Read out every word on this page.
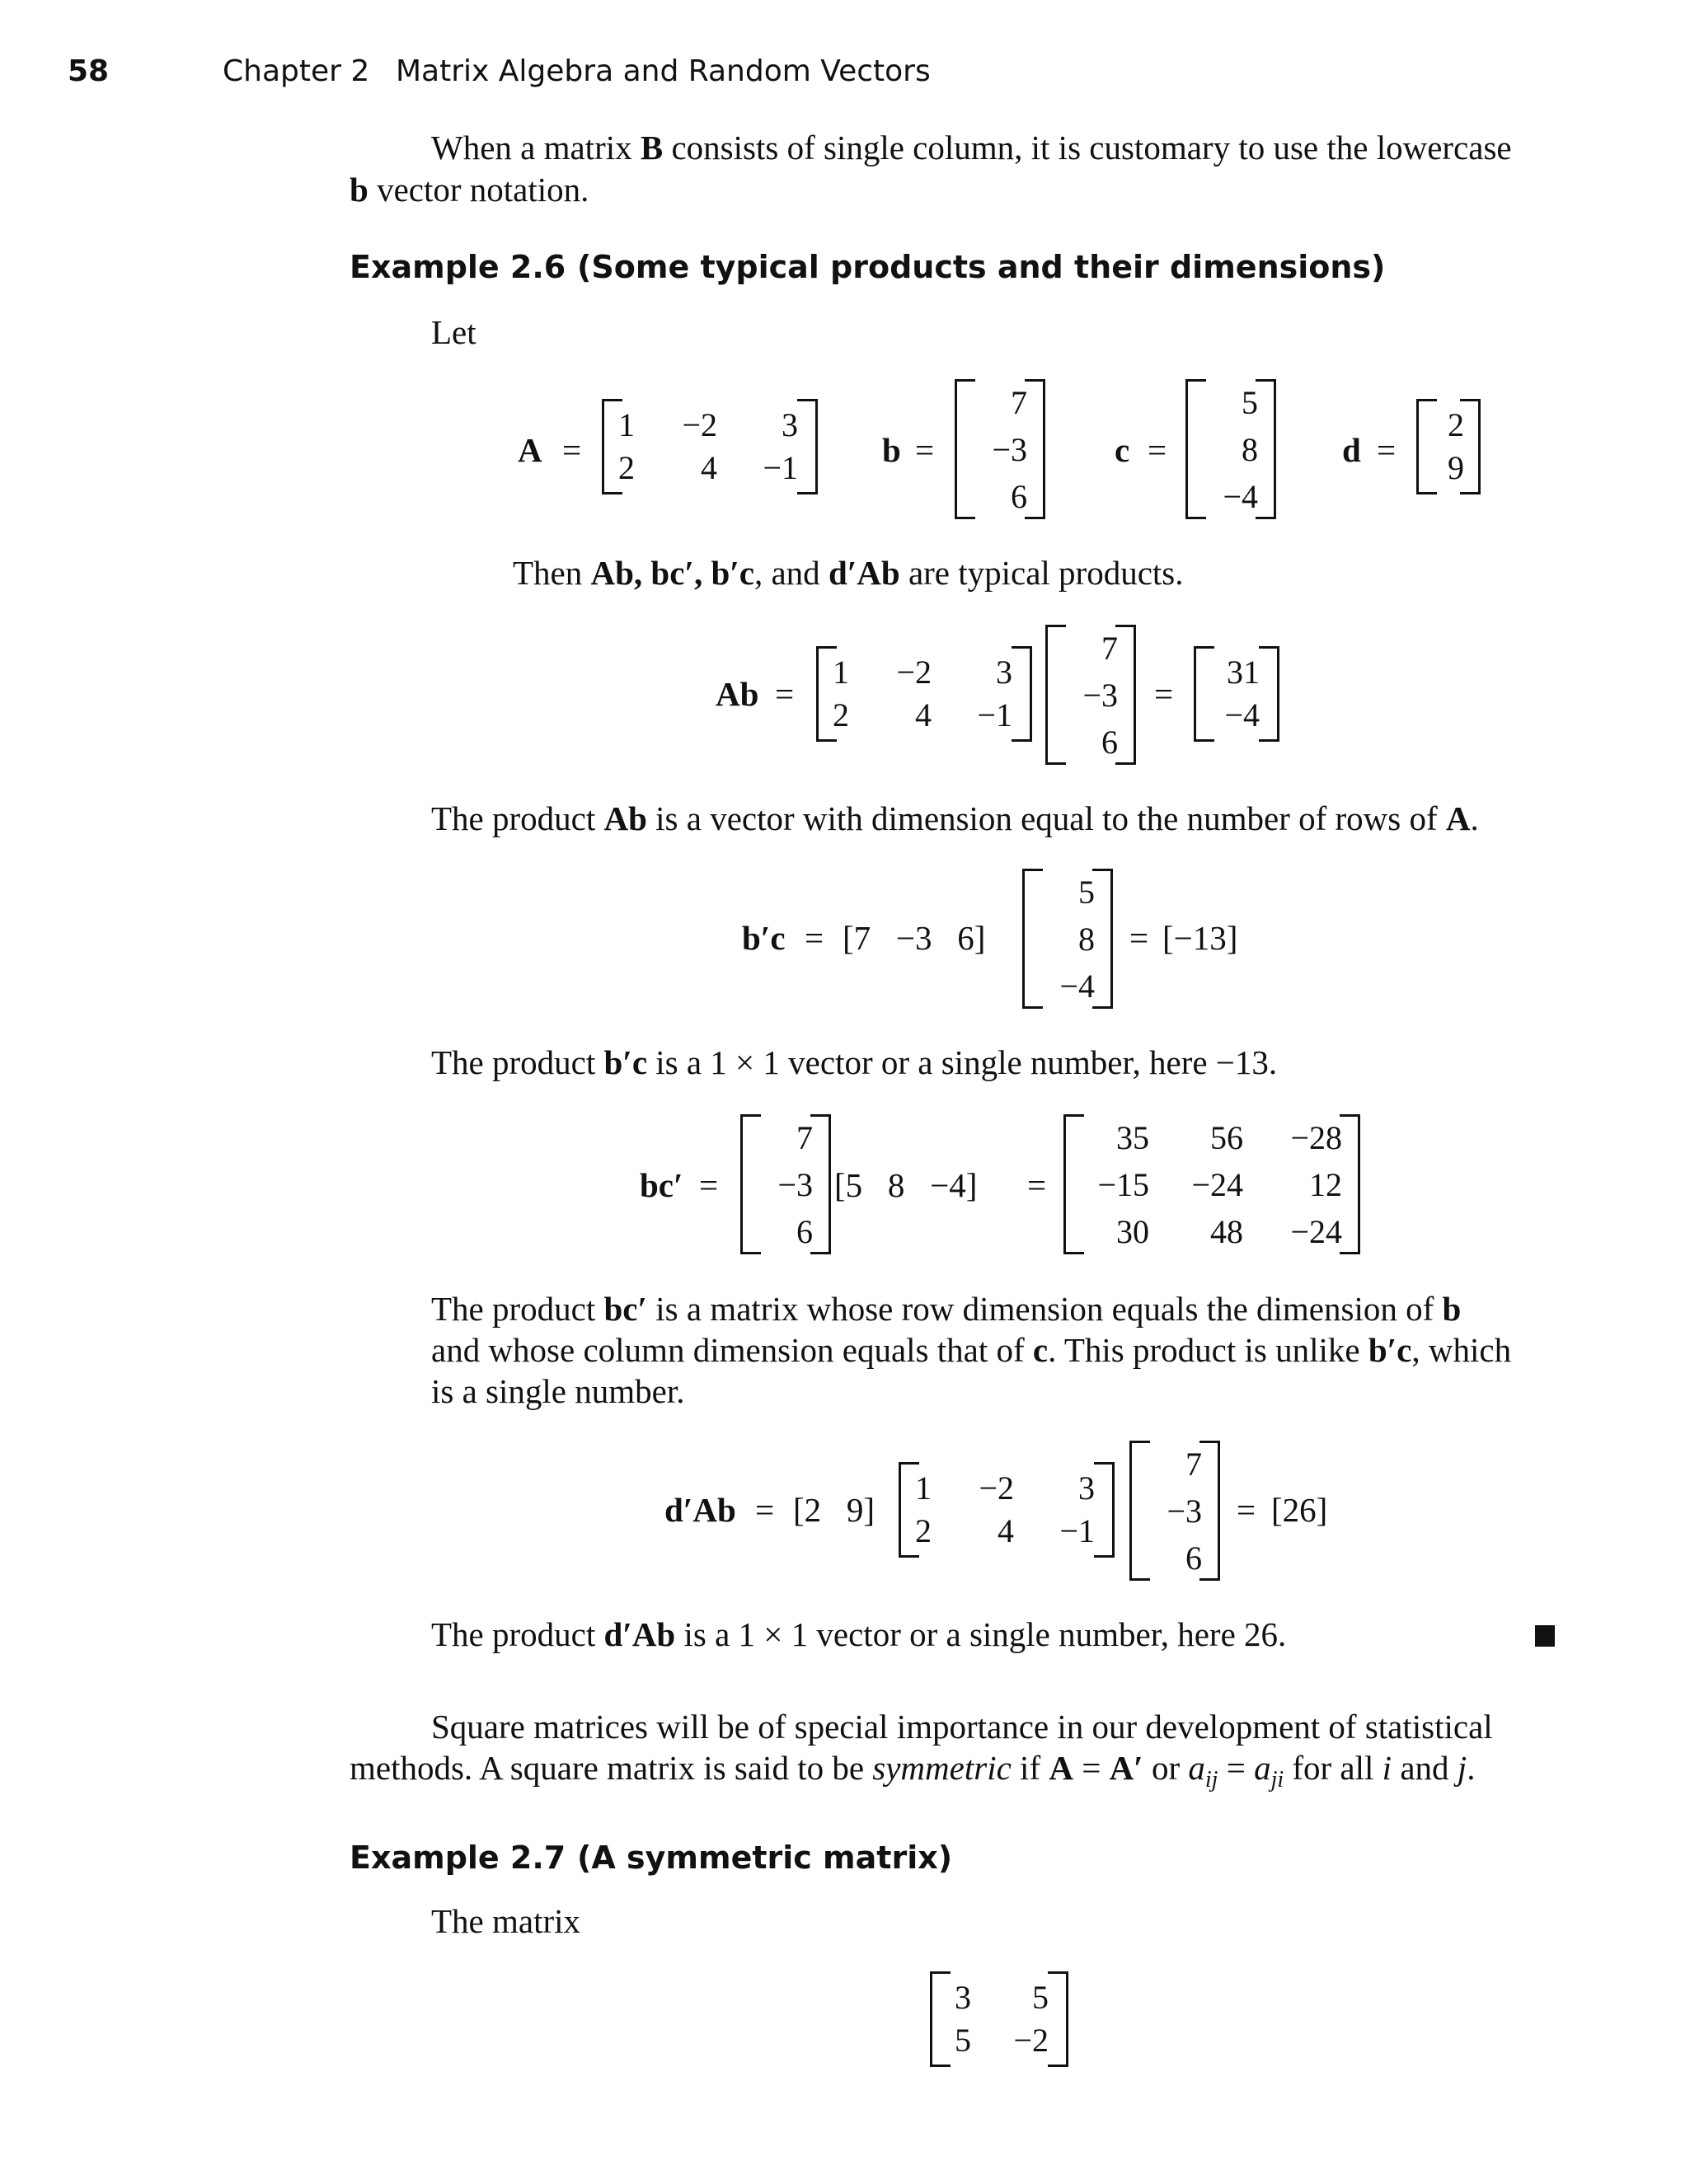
58	Chapter 2 Matrix Algebra and Random Vectors
When a matrix B consists of single column, it is customary to use the lowercase
b vector notation.
Example 2.6 (Some typical products and their dimensions)
Let
A =
1 −2 3
2 4 −1 b =
7
−3
6
c =
5
8
−4
d =
2
9
Then Ab, bc′, b′c, and d′Ab are typical products.
Ab =
1 −2 3
2 4 −1
7
−3
6
=
31
−4
The product Ab is a vector with dimension equal to the number of rows of A.
b′c = [7   −3   6]
5
8
−4
= [−13]
The product b′c is a 1 × 1 vector or a single number, here −13.
bc′ =
7
−3
6
[5   8   −4] =
35 56 −28
−15 −24 12
30 48 −24
The product bc′ is a matrix whose row dimension equals the dimension of b
and whose column dimension equals that of c. This product is unlike b′c, which
is a single number.
d′Ab = [2   9]
1 −2 3
2 4 −1
7
−3
6
= [26]
The product d′Ab is a 1 × 1 vector or a single number, here 26.
Square matrices will be of special importance in our development of statistical
methods. A square matrix is said to be symmetric if A = A′ or $a_{ij} = a_{ji}$ for all i and j.
Example 2.7 (A symmetric matrix)
The matrix
3 5
5 −2
